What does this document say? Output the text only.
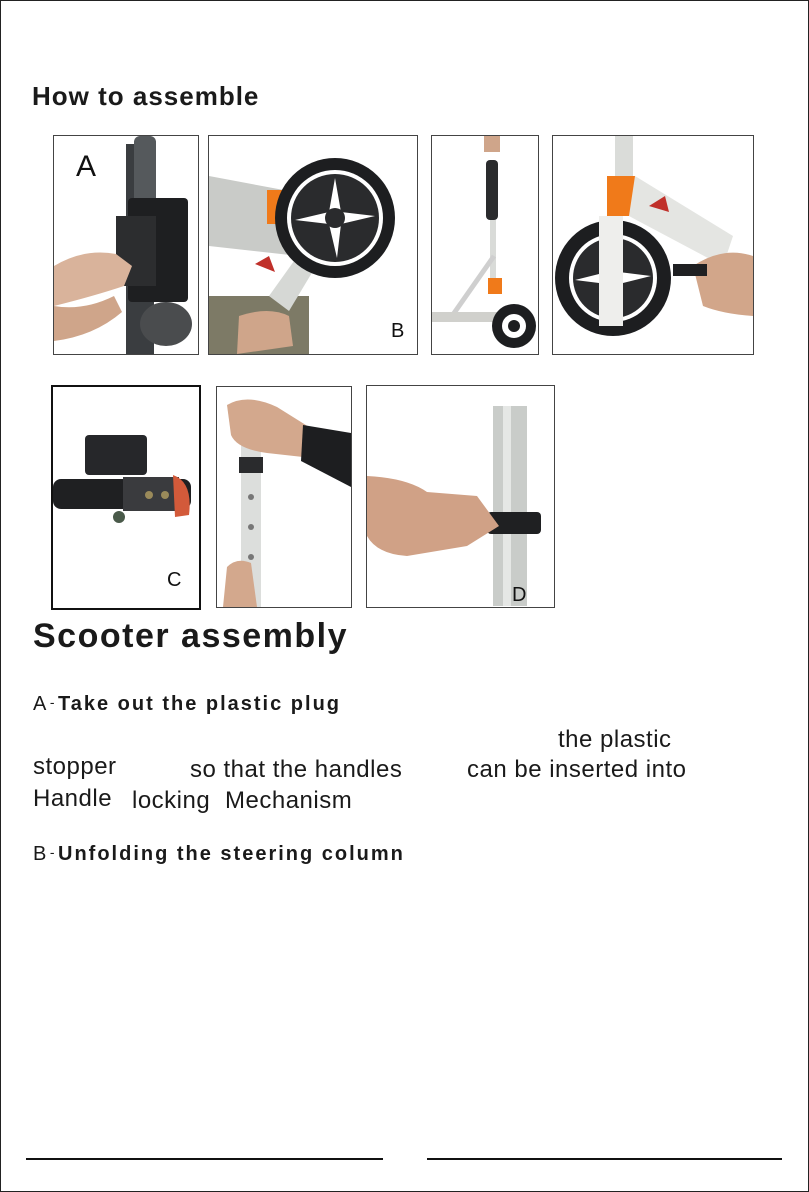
How to assemble
A
B
C
D
Scooter assembly
A - Take out the plastic plug
the plastic
stopper	so that the handles	can be inserted into
Handle locking Mechanism
B - Unfolding the steering column
